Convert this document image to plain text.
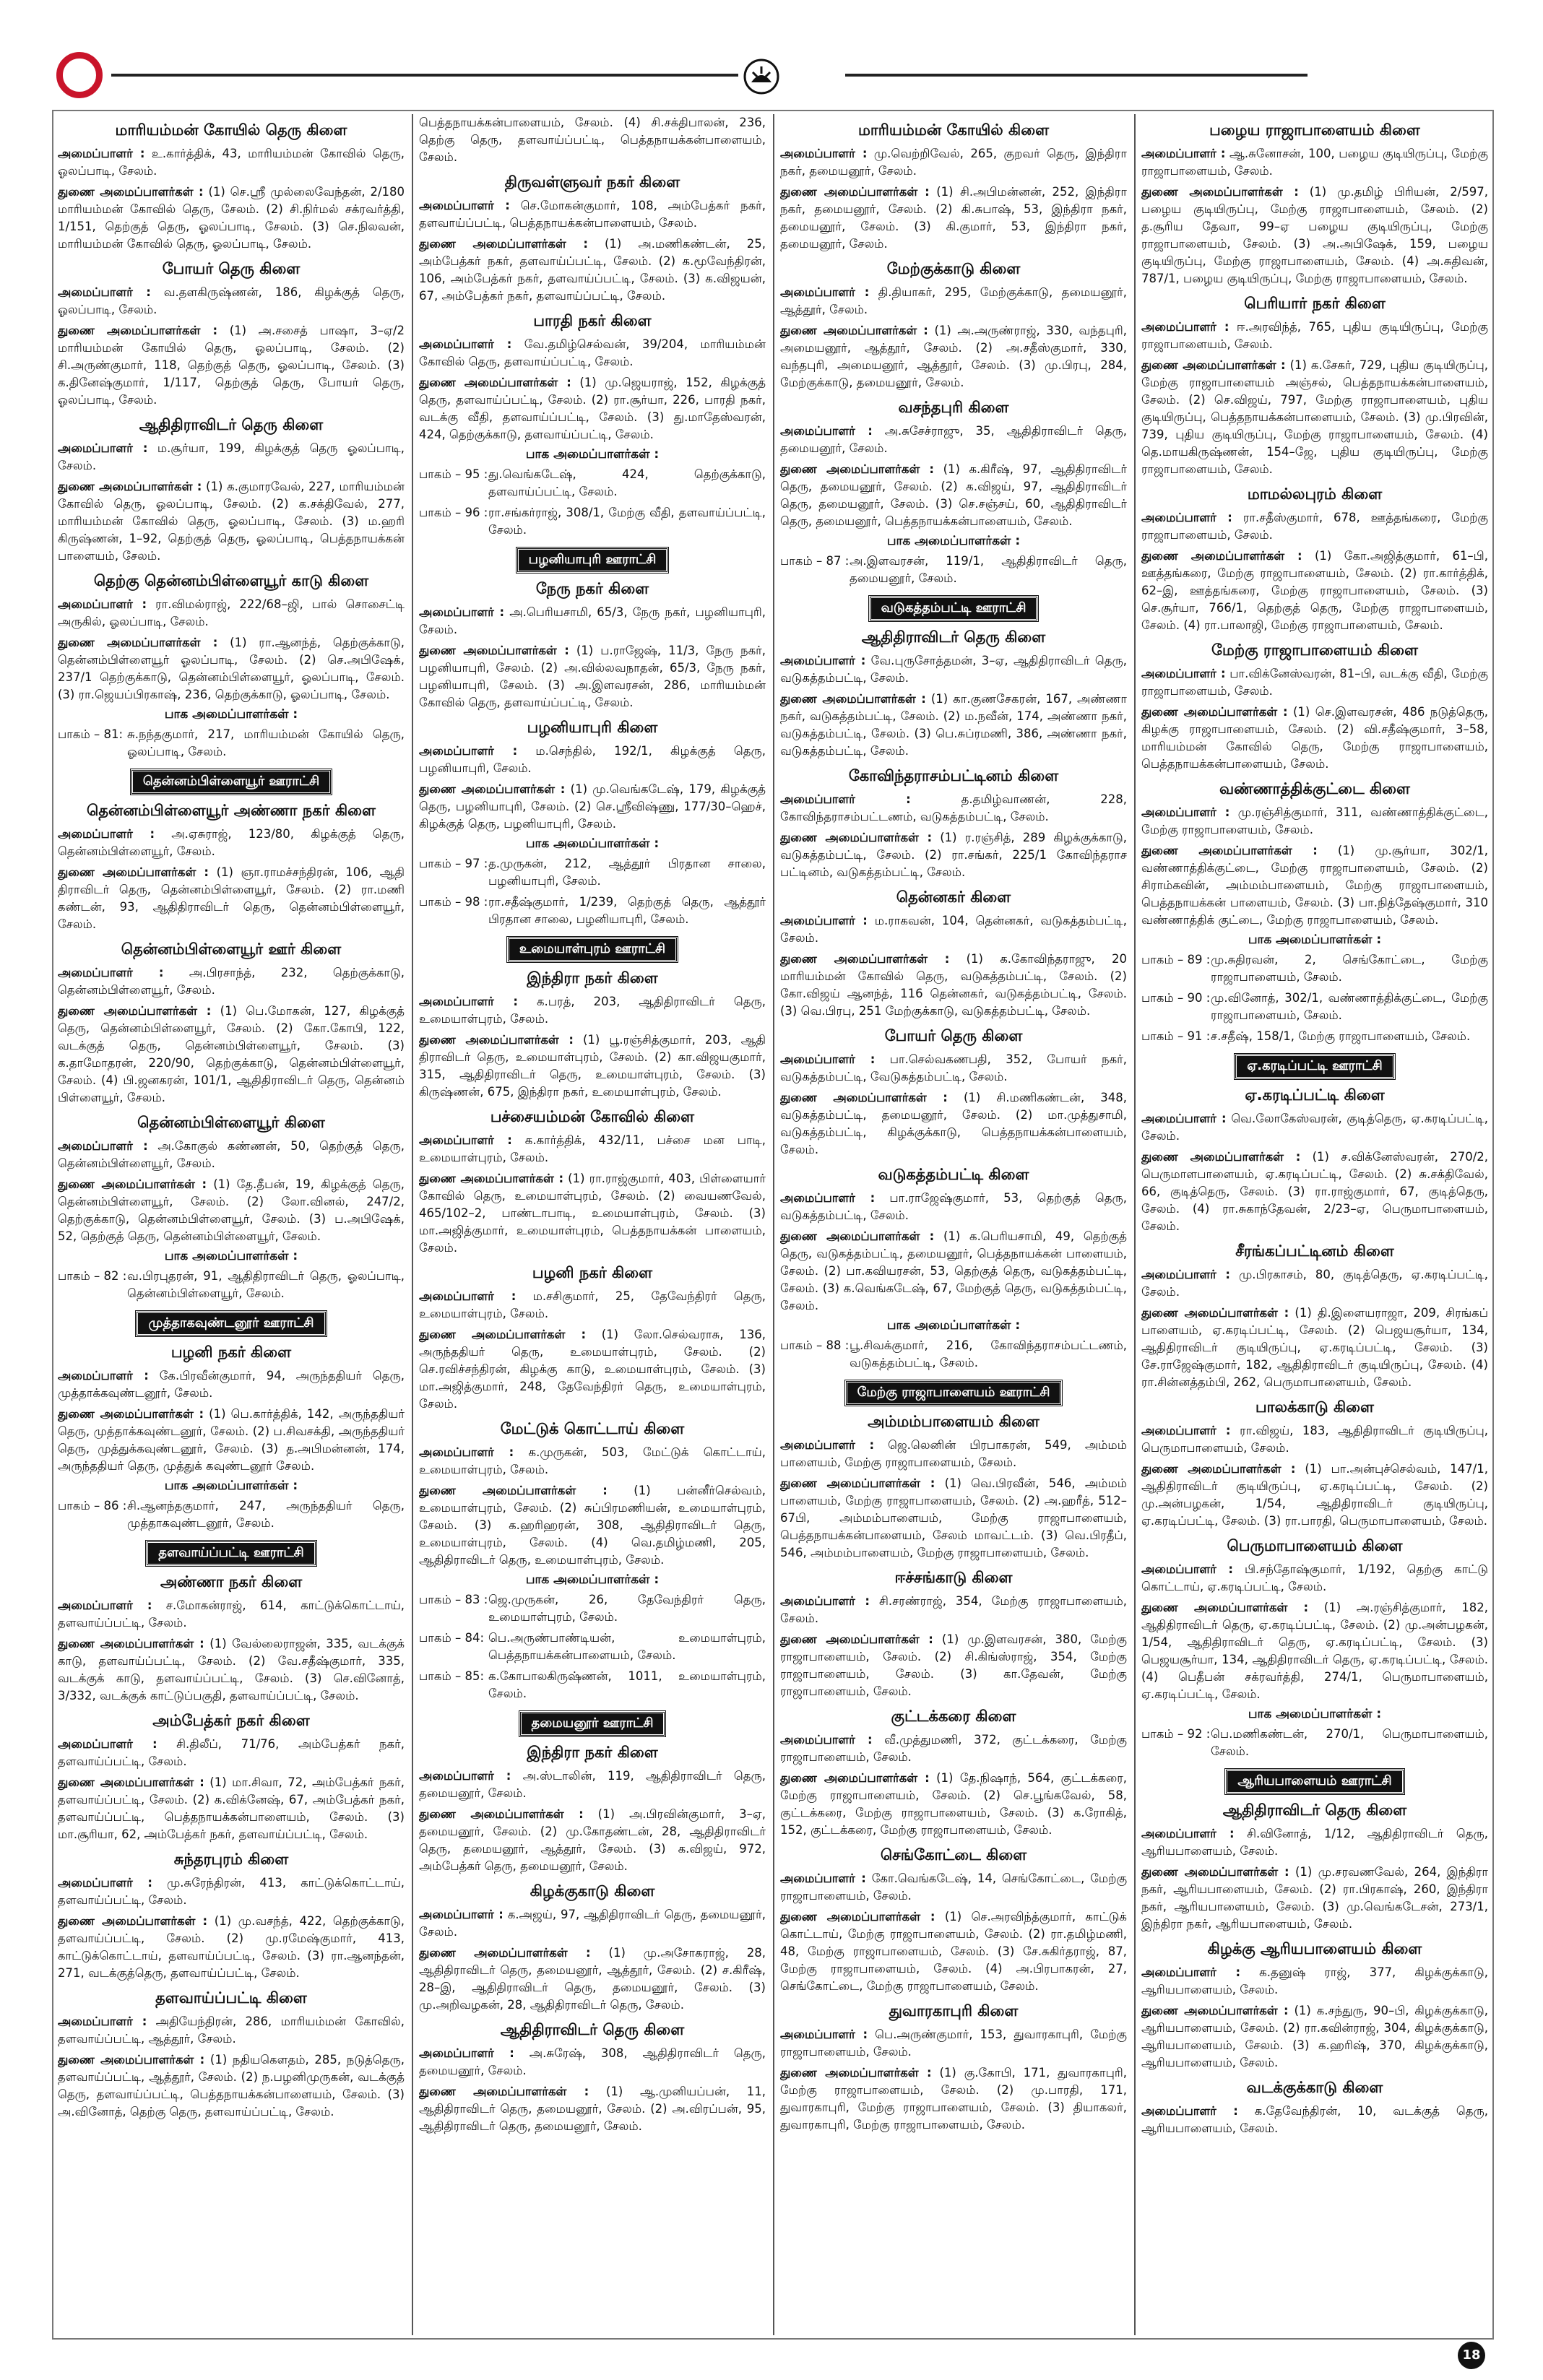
மாரியம்மன் கோயில் தெரு கிளை
அமைப்பாளர் : உ.கார்த்திக், 43, மாரியம்மன் கோவில் தெரு, ஓலப்பாடி, சேலம்.
துணை அமைப்பாளர்கள் : (1) செ.ஸ்ரீ முல்லைவேந்தன், 2/180 மாரியம்மன் கோவில் தெரு, சேலம். (2) சி.நிர்மல் சக்ரவர்த்தி, 1/151, தெற்குத் தெரு, ஓலப்பாடி, சேலம். (3) செ.நிலவன், மாரியம்மன் கோவில் தெரு, ஓலப்பாடி, சேலம்.
போயர் தெரு கிளை
அமைப்பாளர் : வ.தளகிருஷ்ணன், 186, கிழக்குத் தெரு, ஓலப்பாடி, சேலம்.
துணை அமைப்பாளர்கள் : (1) அ.சசைத் பாஷா, 3–ஏ/2 மாரியம்மன் கோயில் தெரு, ஓலப்பாடி, சேலம். (2) சி.அருண்குமார், 118, தெற்குத் தெரு, ஓலப்பாடி, சேலம். (3) க.தினேஷ்குமார், 1/117, தெற்குத் தெரு, போயர் தெரு, ஓலப்பாடி, சேலம்.
ஆதிதிராவிடர் தெரு கிளை
அமைப்பாளர் : ம.சூர்யா, 199, கிழக்குத் தெரு ஓலப்பாடி, சேலம்.
துணை அமைப்பாளர்கள் : (1) க.குமாரவேல், 227, மாரியம்மன் கோவில் தெரு, ஓலப்பாடி, சேலம். (2) க.சக்திவேல், 277, மாரியம்மன் கோவில் தெரு, ஓலப்பாடி, சேலம். (3) ம.ஹரி கிருஷ்ணன், 1–92, தெற்குத் தெரு, ஓலப்பாடி, பெத்தநாயக்கன் பாளையம், சேலம்.
தெற்கு தென்னம்பிள்ளையூர் காடு கிளை
அமைப்பாளர் : ரா.விமல்ராஜ், 222/68–ஜி, பால் சொசைட்டி அருகில், ஓலப்பாடி, சேலம்.
துணை அமைப்பாளர்கள் : (1) ரா.ஆனந்த், தெற்குக்காடு, தென்னம்பிள்ளையூர் ஓலப்பாடி, சேலம். (2) செ.அபிஷேக், 237/1 தெற்குக்காடு, தென்னம்பிள்ளையூர், ஓலப்பாடி, சேலம். (3) ரா.ஜெயப்பிரகாஷ், 236, தெற்குக்காடு, ஓலப்பாடி, சேலம்.
பாக அமைப்பாளர்கள் :
பாகம் – 81: சு.நந்தகுமார், 217, மாரியம்மன் கோயில் தெரு, ஓலப்பாடி, சேலம்.
தென்னம்பிள்ளையூர் ஊராட்சி
தென்னம்பிள்ளையூர் அண்ணா நகர் கிளை
அமைப்பாளர் : அ.ஏசுராஜ், 123/80, கிழக்குத் தெரு, தென்னம்பிள்ளையூர், சேலம்.
துணை அமைப்பாளர்கள் : (1) ஞா.ராமச்சந்திரன், 106, ஆதி திராவிடர் தெரு, தென்னம்பிள்ளையூர், சேலம். (2) ரா.மணி கண்டன், 93, ஆதிதிராவிடர் தெரு, தென்னம்பிள்ளையூர், சேலம்.
தென்னம்பிள்ளையூர் ஊர் கிளை
அமைப்பாளர் : அ.பிரசாந்த், 232, தெற்குக்காடு, தென்னம்பிள்ளையூர், சேலம்.
துணை அமைப்பாளர்கள் : (1) பெ.மோகன், 127, கிழக்குத் தெரு, தென்னம்பிள்ளையூர், சேலம். (2) கோ.கோபி, 122, வடக்குத் தெரு, தென்னம்பிள்ளையூர், சேலம். (3) க.தாமோதரன், 220/90, தெற்குக்காடு, தென்னம்பிள்ளையூர், சேலம். (4) பி.ஜனகரன், 101/1, ஆதிதிராவிடர் தெரு, தென்னம் பிள்ளையூர், சேலம்.
தென்னம்பிள்ளையூர் கிளை
அமைப்பாளர் : அ.கோகுல் கண்ணன், 50, தெற்குத் தெரு, தென்னம்பிள்ளையூர், சேலம்.
துணை அமைப்பாளர்கள் : (1) தே.தீபன், 19, கிழக்குத் தெரு, தென்னம்பிள்ளையூர், சேலம். (2) லோ.வினல், 247/2, தெற்குக்காடு, தென்னம்பிள்ளையூர், சேலம். (3) ப.அபிஷேக், 52, தெற்குத் தெரு, தென்னம்பிள்ளையூர், சேலம்.
பாக அமைப்பாளர்கள் :
பாகம் – 82 : வ.பிரபுதரன், 91, ஆதிதிராவிடர் தெரு, ஓலப்பாடி, தென்னம்பிள்ளையூர், சேலம்.
முத்தாகவுண்டனூர் ஊராட்சி
பழனி நகர் கிளை
அமைப்பாளர் : கே.பிரவீன்குமார், 94, அருந்ததியர் தெரு, முத்தாக்கவுண்டனூர், சேலம்.
துணை அமைப்பாளர்கள் : (1) பெ.கார்த்திக், 142, அருந்ததியர் தெரு, முத்தாக்கவுண்டனூர், சேலம். (2) ப.சிவசக்தி, அருந்ததியர் தெரு, முத்துக்கவுண்டனூர், சேலம். (3) த.அபிமன்னன், 174, அருந்ததியர் தெரு, முத்துக் கவுண்டனூர் சேலம்.
பாக அமைப்பாளர்கள் :
பாகம் – 86 : சி.ஆனந்தகுமார், 247, அருந்ததியர் தெரு, முத்தாகவுண்டனூர், சேலம்.
தளவாய்ப்பட்டி ஊராட்சி
அண்ணா நகர் கிளை
அமைப்பாளர் : ச.மோகன்ராஜ், 614, காட்டுக்கொட்டாய், தளவாய்ப்பட்டி, சேலம்.
துணை அமைப்பாளர்கள் : (1) வேல்லைராஜன், 335, வடக்குக் காடு, தளவாய்ப்பட்டி, சேலம். (2) வே.சதீஷ்குமார், 335, வடக்குக் காடு, தளவாய்ப்பட்டி, சேலம். (3) செ.வினோத், 3/332, வடக்குக் காட்டுப்பகுதி, தளவாய்ப்பட்டி, சேலம்.
அம்பேத்கர் நகர் கிளை
அமைப்பாளர் : சி.திலீப், 71/76, அம்பேத்கர் நகர், தளவாய்ப்பட்டி, சேலம்.
துணை அமைப்பாளர்கள் : (1) மா.சிவா, 72, அம்பேத்கர் நகர், தளவாய்ப்பட்டி, சேலம். (2) க.விக்னேஷ், 67, அம்பேத்கர் நகர், தளவாய்ப்பட்டி, பெத்தநாயக்கன்பாளையம், சேலம். (3) மா.சூரியா, 62, அம்பேத்கர் நகர், தளவாய்ப்பட்டி, சேலம்.
சுந்தரபுரம் கிளை
அமைப்பாளர் : மு.சுரேந்திரன், 413, காட்டுக்கொட்டாய், தளவாய்ப்பட்டி, சேலம்.
துணை அமைப்பாளர்கள் : (1) மு.வசந்த், 422, தெற்குக்காடு, தளவாய்ப்பட்டி, சேலம். (2) மு.ரமேஷ்குமார், 413, காட்டுக்கொட்டாய், தளவாய்ப்பட்டி, சேலம். (3) ரா.ஆனந்தன், 271, வடக்குத்தெரு, தளவாய்ப்பட்டி, சேலம்.
தளவாய்ப்பட்டி கிளை
அமைப்பாளர் : அதியேந்திரன், 286, மாரியம்மன் கோவில், தளவாய்ப்பட்டி, ஆத்தூர், சேலம்.
துணை அமைப்பாளர்கள் : (1) நதியகௌதம், 285, நடுத்தெரு, தளவாய்ப்பட்டி, ஆத்தூர், சேலம். (2) ந.பழனிமுருகன், வடக்குத் தெரு, தளவாய்ப்பட்டி, பெத்தநாயக்கன்பாளையம், சேலம். (3) அ.வினோத், தெற்கு தெரு, தளவாய்ப்பட்டி, சேலம்.
பெத்தநாயக்கன்பாளையம், சேலம். (4) சி.சக்திபாலன், 236, தெற்கு தெரு, தளவாய்ப்பட்டி, பெத்தநாயக்கன்பாளையம், சேலம்.
திருவள்ளுவர் நகர் கிளை
அமைப்பாளர் : செ.மோகன்குமார், 108, அம்பேத்கர் நகர், தளவாய்ப்பட்டி, பெத்தநாயக்கன்பாளையம், சேலம்.
துணை அமைப்பாளர்கள் : (1) அ.மணிகண்டன், 25, அம்பேத்கர் நகர், தளவாய்ப்பட்டி, சேலம். (2) க.மூவேந்திரன், 106, அம்பேத்கர் நகர், தளவாய்ப்பட்டி, சேலம். (3) க.விஜயன், 67, அம்பேத்கர் நகர், தளவாய்ப்பட்டி, சேலம்.
பாரதி நகர் கிளை
அமைப்பாளர் : வே.தமிழ்செல்வன், 39/204, மாரியம்மன் கோவில் தெரு, தளவாய்ப்பட்டி, சேலம்.
துணை அமைப்பாளர்கள் : (1) மு.ஜெயராஜ், 152, கிழக்குத் தெரு, தளவாய்ப்பட்டி, சேலம். (2) ரா.சூர்யா, 226, பாரதி நகர், வடக்கு வீதி, தளவாய்ப்பட்டி, சேலம். (3) து.மாதேஸ்வரன், 424, தெற்குக்காடு, தளவாய்ப்பட்டி, சேலம்.
பாக அமைப்பாளர்கள் :
பாகம் – 95 : து.வெங்கடேஷ், 424, தெற்குக்காடு, தளவாய்ப்பட்டி, சேலம்.
பாகம் – 96 : ரா.சங்கர்ராஜ், 308/1, மேற்கு வீதி, தளவாய்ப்பட்டி, சேலம்.
பழனியாபுரி ஊராட்சி
நேரு நகர் கிளை
அமைப்பாளர் : அ.பெரியசாமி, 65/3, நேரு நகர், பழனியாபுரி, சேலம்.
துணை அமைப்பாளர்கள் : (1) ப.ராஜேஷ், 11/3, நேரு நகர், பழனியாபுரி, சேலம். (2) அ.வில்லவநாதன், 65/3, நேரு நகர், பழனியாபுரி, சேலம். (3) அ.இளவரசன், 286, மாரியம்மன் கோவில் தெரு, தளவாய்ப்பட்டி, சேலம்.
பழனியாபுரி கிளை
அமைப்பாளர் : ம.செந்தில், 192/1, கிழக்குத் தெரு, பழனியாபுரி, சேலம்.
துணை அமைப்பாளர்கள் : (1) மு.வெங்கடேஷ், 179, கிழக்குத் தெரு, பழனியாபுரி, சேலம். (2) செ.ஸ்ரீவிஷ்ணு, 177/30–ஹெச், கிழக்குத் தெரு, பழனியாபுரி, சேலம்.
பாக அமைப்பாளர்கள் :
பாகம் – 97 : த.முருகன், 212, ஆத்தூர் பிரதான சாலை, பழனியாபுரி, சேலம்.
பாகம் – 98 : ரா.சதீஷ்குமார், 1/239, தெற்குத் தெரு, ஆத்தூர் பிரதான சாலை, பழனியாபுரி, சேலம்.
உமையாள்புரம் ஊராட்சி
இந்திரா நகர் கிளை
அமைப்பாளர் : க.பரத், 203, ஆதிதிராவிடர் தெரு, உமையாள்புரம், சேலம்.
துணை அமைப்பாளர்கள் : (1) பூ.ரஞ்சித்குமார், 203, ஆதி திராவிடர் தெரு, உமையாள்புரம், சேலம். (2) கா.விஜயகுமார், 315, ஆதிதிராவிடர் தெரு, உமையாள்புரம், சேலம். (3) கிருஷ்ணன், 675, இந்திரா நகர், உமையாள்புரம், சேலம்.
பச்சையம்மன் கோவில் கிளை
அமைப்பாளர் : க.கார்த்திக், 432/11, பச்சை மன பாடி, உமையாள்புரம், சேலம்.
துணை அமைப்பாளர்கள் : (1) ரா.ராஜ்குமார், 403, பிள்ளையார் கோவில் தெரு, உமையாள்புரம், சேலம். (2) வையணவேல், 465/102–2, பாண்டாபாடி, உமையாள்புரம், சேலம். (3) மா.அஜித்குமார், உமையாள்புரம், பெத்தநாயக்கன் பாளையம், சேலம்.
பழனி நகர் கிளை
அமைப்பாளர் : ம.சசிகுமார், 25, தேவேந்திரர் தெரு, உமையாள்புரம், சேலம்.
துணை அமைப்பாளர்கள் : (1) லோ.செல்வராசு, 136, அருந்ததியர் தெரு, உமையாள்புரம், சேலம். (2) செ.ரவிச்சந்திரன், கிழக்கு காடு, உமையாள்புரம், சேலம். (3) மா.அஜித்குமார், 248, தேவேந்திரர் தெரு, உமையாள்புரம், சேலம்.
மேட்டுக் கொட்டாய் கிளை
அமைப்பாளர் : க.முருகன், 503, மேட்டுக் கொட்டாய், உமையாள்புரம், சேலம்.
துணை அமைப்பாளர்கள் : (1) பன்னீர்செல்வம், உமையாள்புரம், சேலம். (2) சுப்பிரமணியன், உமையாள்புரம், சேலம். (3) க.ஹரிஹரன், 308, ஆதிதிராவிடர் தெரு, உமையாள்புரம், சேலம். (4) வெ.தமிழ்மணி, 205, ஆதிதிராவிடர் தெரு, உமையாள்புரம், சேலம்.
பாக அமைப்பாளர்கள் :
பாகம் – 83 : ஜெ.முருகன், 26, தேவேந்திரர் தெரு, உமையாள்புரம், சேலம்.
பாகம் – 84: பெ.அருண்பாண்டியன், உமையாள்புரம், பெத்தநாயக்கன்பாளையம், சேலம்.
பாகம் – 85: க.கோபாலகிருஷ்ணன், 1011, உமையாள்புரம், சேலம்.
தமையனூர் ஊராட்சி
இந்திரா நகர் கிளை
அமைப்பாளர் : அ.ஸ்டாலின், 119, ஆதிதிராவிடர் தெரு, தமையனூர், சேலம்.
துணை அமைப்பாளர்கள் : (1) அ.பிரவின்குமார், 3–ஏ, தமையனூர், சேலம். (2) மு.கோதண்டன், 28, ஆதிதிராவிடர் தெரு, தமையனூர், ஆத்தூர், சேலம். (3) க.விஜய், 972, அம்பேத்கர் தெரு, தமையனூர், சேலம்.
கிழக்குகாடு கிளை
அமைப்பாளர் : க.அஜய், 97, ஆதிதிராவிடர் தெரு, தமையனூர், சேலம்.
துணை அமைப்பாளர்கள் : (1) மு.அசோகராஜ், 28, ஆதிதிராவிடர் தெரு, தமையனூர், ஆத்தூர், சேலம். (2) ச.கிரீஷ், 28–இ, ஆதிதிராவிடர் தெரு, தமையனூர், சேலம். (3) மு.அறிவழகன், 28, ஆதிதிராவிடர் தெரு, சேலம்.
ஆதிதிராவிடர் தெரு கிளை
அமைப்பாளர் : அ.சுரேஷ், 308, ஆதிதிராவிடர் தெரு, தமையனூர், சேலம்.
துணை அமைப்பாளர்கள் : (1) ஆ.முனியப்பன், 11, ஆதிதிராவிடர் தெரு, தமையனூர், சேலம். (2) அ.விரப்பன், 95, ஆதிதிராவிடர் தெரு, தமையனூர், சேலம்.
மாரியம்மன் கோயில் கிளை
அமைப்பாளர் : மு.வெற்றிவேல், 265, குறவர் தெரு, இந்திரா நகர், தமையனூர், சேலம்.
துணை அமைப்பாளர்கள் : (1) சி.அபிமன்னன், 252, இந்திரா நகர், தமையனூர், சேலம். (2) கி.சுபாஷ், 53, இந்திரா நகர், தமையனூர், சேலம். (3) கி.குமார், 53, இந்திரா நகர், தமையனூர், சேலம்.
மேற்குக்காடு கிளை
அமைப்பாளர் : தி.தியாகர், 295, மேற்குக்காடு, தமையனூர், ஆத்தூர், சேலம்.
துணை அமைப்பாளர்கள் : (1) அ.அருண்ராஜ், 330, வந்தபுரி, அமையனூர், ஆத்தூர், சேலம். (2) அ.சதீஸ்குமார், 330, வந்தபுரி, அமையனூர், ஆத்தூர், சேலம். (3) மு.பிரபு, 284, மேற்குக்காடு, தமையனூர், சேலம்.
வசந்தபுரி கிளை
அமைப்பாளர் : அ.சுசேச்ராஜு, 35, ஆதிதிராவிடர் தெரு, தமையனூர், சேலம்.
துணை அமைப்பாளர்கள் : (1) க.கிரீஷ், 97, ஆதிதிராவிடர் தெரு, தமையனூர், சேலம். (2) க.விஜய், 97, ஆதிதிராவிடர் தெரு, தமையனூர், சேலம். (3) செ.சஞ்சய், 60, ஆதிதிராவிடர் தெரு, தமையனூர், பெத்தநாயக்கன்பாளையம், சேலம்.
பாக அமைப்பாளர்கள் :
பாகம் – 87 : அ.இளவரசன், 119/1, ஆதிதிராவிடர் தெரு, தமையனூர், சேலம்.
வடுகத்தம்பட்டி ஊராட்சி
ஆதிதிராவிடர் தெரு கிளை
அமைப்பாளர் : வே.புருசோத்தமன், 3–ஏ, ஆதிதிராவிடர் தெரு, வடுகத்தம்பட்டி, சேலம்.
துணை அமைப்பாளர்கள் : (1) கா.குணசேகரன், 167, அண்ணா நகர், வடுகத்தம்பட்டி, சேலம். (2) ம.நவீன், 174, அண்ணா நகர், வடுகத்தம்பட்டி, சேலம். (3) பெ.சுப்ரமணி, 386, அண்ணா நகர், வடுகத்தம்பட்டி, சேலம்.
கோவிந்தராசம்பட்டினம் கிளை
அமைப்பாளர் :	த.தமிழ்வாணன், 228, கோவிந்தராசம்பட்டணம், வடுகத்தம்பட்டி, சேலம்.
துணை அமைப்பாளர்கள் : (1) ர.ரஞ்சித், 289 கிழக்குக்காடு, வடுகத்தம்பட்டி, சேலம். (2) ரா.சங்கர், 225/1 கோவிந்தராச பட்டினம், வடுகத்தம்பட்டி, சேலம்.
தென்னகர் கிளை
அமைப்பாளர் : ம.ராகவன், 104, தென்னகர், வடுகத்தம்பட்டி, சேலம்.
துணை அமைப்பாளர்கள் : (1) க.கோவிந்தராஜு, 20 மாரியம்மன் கோவில் தெரு, வடுகத்தம்பட்டி, சேலம். (2) கோ.விஜய் ஆனந்த், 116 தென்னகர், வடுகத்தம்பட்டி, சேலம். (3) வெ.பிரபு, 251 மேற்குக்காடு, வடுகத்தம்பட்டி, சேலம்.
போயர் தெரு கிளை
அமைப்பாளர் : பா.செல்வகணபதி, 352, போயர் நகர், வடுகத்தம்பட்டி, வேடுகத்தம்பட்டி, சேலம்.
துணை அமைப்பாளர்கள் : (1) சி.மணிகண்டன், 348, வடுகத்தம்பட்டி, தமையனூர், சேலம். (2) மா.முத்துசாமி, வடுகத்தம்பட்டி, கிழக்குக்காடு, பெத்தநாயக்கன்பாளையம், சேலம்.
வடுகத்தம்பட்டி கிளை
அமைப்பாளர் : பா.ராஜேஷ்குமார், 53, தெற்குத் தெரு, வடுகத்தம்பட்டி, சேலம்.
துணை அமைப்பாளர்கள் : (1) க.பெரியசாமி, 49, தெற்குத் தெரு, வடுகத்தம்பட்டி, தமையனூர், பெத்தநாயக்கன் பாளையம், சேலம். (2) பா.கவியரசன், 53, தெற்குத் தெரு, வடுகத்தம்பட்டி, சேலம். (3) க.வெங்கடேஷ், 67, மேற்குத் தெரு, வடுகத்தம்பட்டி, சேலம்.
பாக அமைப்பாளர்கள் :
பாகம் – 88 : பூ.சிவக்குமார், 216, கோவிந்தராசம்பட்டணம், வடுகத்தம்பட்டி, சேலம்.
மேற்கு ராஜாபாளையம் ஊராட்சி
அம்மம்பாளையம் கிளை
அமைப்பாளர் : ஜெ.லெனின் பிரபாகரன், 549, அம்மம் பாளையம், மேற்கு ராஜாபாளையம், சேலம்.
துணை அமைப்பாளர்கள் : (1) வெ.பிரவீன், 546, அம்மம் பாளையம், மேற்கு ராஜாபாளையம், சேலம். (2) அ.ஹரீத், 512–67பி, அம்மம்பாளையம், மேற்கு ராஜாபாளையம், பெத்தநாயக்கன்பாளையம், சேலம் மாவட்டம். (3) வெ.பிரதீப், 546, அம்மம்பாளையம், மேற்கு ராஜாபாளையம், சேலம்.
ஈச்சங்காடு கிளை
அமைப்பாளர் : சி.சரண்ராஜ், 354, மேற்கு ராஜாபாளையம், சேலம்.
துணை அமைப்பாளர்கள் : (1) மு.இளவரசன், 380, மேற்கு ராஜாபாளையம், சேலம். (2) சி.கிங்ஸ்ராஜ், 354, மேற்கு ராஜாபாளையம், சேலம். (3) கா.தேவன், மேற்கு ராஜாபாளையம், சேலம்.
குட்டக்கரை கிளை
அமைப்பாளர் : வீ.முத்துமணி, 372, குட்டக்கரை, மேற்கு ராஜாபாளையம், சேலம்.
துணை அமைப்பாளர்கள் : (1) தே.நிஷாந், 564, குட்டக்கரை, மேற்கு ராஜாபாளையம், சேலம். (2) செ.பூங்கவேல், 58, குட்டக்கரை, மேற்கு ராஜாபாளையம், சேலம். (3) க.ரோகித், 152, குட்டக்கரை, மேற்கு ராஜாபாளையம், சேலம்.
செங்கோட்டை கிளை
அமைப்பாளர் : கோ.வெங்கடேஷ், 14, செங்கோட்டை, மேற்கு ராஜாபாளையம், சேலம்.
துணை அமைப்பாளர்கள் : (1) செ.அரவிந்த்குமார், காட்டுக் கொட்டாய், மேற்கு ராஜாபாளையம், சேலம். (2) ரா.தமிழ்மணி, 48, மேற்கு ராஜாபாளையம், சேலம். (3) சே.சுகிர்தராஜ், 87, மேற்கு ராஜாபாளையம், சேலம். (4) அ.பிரபாகரன், 27, செங்கோட்டை, மேற்கு ராஜாபாளையம், சேலம்.
துவாரகாபுரி கிளை
அமைப்பாளர் : பெ.அருண்குமார், 153, துவாரகாபுரி, மேற்கு ராஜாபாளையம், சேலம்.
துணை அமைப்பாளர்கள் : (1) கு.கோபி, 171, துவாரகாபுரி, மேற்கு ராஜாபாளையம், சேலம். (2) மு.பாரதி, 171, துவாரகாபுரி, மேற்கு ராஜாபாளையம், சேலம். (3) தியாகலர், துவாரகாபுரி, மேற்கு ராஜாபாளையம், சேலம்.
பழைய ராஜாபாளையம் கிளை
அமைப்பாளர் : ஆ.சுனோசன், 100, பழைய குடியிருப்பு, மேற்கு ராஜாபாளையம், சேலம்.
துணை அமைப்பாளர்கள் : (1) மு.தமிழ் பிரியன், 2/597, பழைய குடியிருப்பு, மேற்கு ராஜாபாளையம், சேலம். (2) த.சூரிய தேவா, 99–ஏ பழைய குடியிருப்பு, மேற்கு ராஜாபாளையம், சேலம். (3) அ.அபிஷேக், 159, பழைய குடியிருப்பு, மேற்கு ராஜாபாளையம், சேலம். (4) அ.சுதிவன், 787/1, பழைய குடியிருப்பு, மேற்கு ராஜாபாளையம், சேலம்.
பெரியார் நகர் கிளை
அமைப்பாளர் : ஈ.அரவிந்த், 765, புதிய குடியிருப்பு, மேற்கு ராஜாபாளையம், சேலம்.
துணை அமைப்பாளர்கள் : (1) க.சேகர், 729, புதிய குடியிருப்பு, மேற்கு ராஜாபாளையம் அஞ்சல், பெத்தநாயக்கன்பாளையம், சேலம். (2) செ.விஜய், 797, மேற்கு ராஜாபாளையம், புதிய குடியிருப்பு, பெத்தநாயக்கன்பாளையம், சேலம். (3) மு.பிரவின், 739, புதிய குடியிருப்பு, மேற்கு ராஜாபாளையம், சேலம். (4) தெ.மாயகிருஷ்ணன், 154–ஜே, புதிய குடியிருப்பு, மேற்கு ராஜாபாளையம், சேலம்.
மாமல்லபுரம் கிளை
அமைப்பாளர் : ரா.சதீஸ்குமார், 678, ஊத்தங்கரை, மேற்கு ராஜாபாளையம், சேலம்.
துணை அமைப்பாளர்கள் : (1) கோ.அஜித்குமார், 61–பி, ஊத்தங்கரை, மேற்கு ராஜாபாளையம், சேலம். (2) ரா.கார்த்திக், 62–இ, ஊத்தங்கரை, மேற்கு ராஜாபாளையம், சேலம். (3) செ.சூர்யா, 766/1, தெற்குத் தெரு, மேற்கு ராஜாபாளையம், சேலம். (4) ரா.பாலாஜி, மேற்கு ராஜாபாளையம், சேலம்.
மேற்கு ராஜாபாளையம் கிளை
அமைப்பாளர் : பா.விக்னேஸ்வரன், 81–பி, வடக்கு வீதி, மேற்கு ராஜாபாளையம், சேலம்.
துணை அமைப்பாளர்கள் : (1) செ.இளவரசன், 486 நடுத்தெரு, கிழக்கு ராஜாபாளையம், சேலம். (2) வி.சதீஷ்குமார், 3–58, மாரியம்மன் கோவில் தெரு, மேற்கு ராஜாபாளையம், பெத்தநாயக்கன்பாளையம், சேலம்.
வண்ணாத்திக்குட்டை கிளை
அமைப்பாளர் : மு.ரஞ்சித்குமார், 311, வண்ணாத்திக்குட்டை, மேற்கு ராஜாபாளையம், சேலம்.
துணை அமைப்பாளர்கள் : (1) மு.சூர்யா, 302/1, வண்ணாத்திக்குட்டை, மேற்கு ராஜாபாளையம், சேலம். (2) சிராம்கவின், அம்மம்பாளையம், மேற்கு ராஜாபாளையம், பெத்தநாயக்கன் பாளையம், சேலம். (3) பா.நித்தேஷ்குமார், 310 வண்ணாத்திக் குட்டை, மேற்கு ராஜாபாளையம், சேலம்.
பாக அமைப்பாளர்கள் :
பாகம் – 89 : மு.சுதிரவன், 2, செங்கோட்டை, மேற்கு ராஜாபாளையம், சேலம்.
பாகம் – 90 : மு.வினோத், 302/1, வண்ணாத்திக்குட்டை, மேற்கு ராஜாபாளையம், சேலம்.
பாகம் – 91 : ச.சதீஷ், 158/1, மேற்கு ராஜாபாளையம், சேலம்.
ஏ.கரடிப்பட்டி ஊராட்சி
ஏ.கரடிப்பட்டி கிளை
அமைப்பாளர் : வெ.லோகேஸ்வரன், குடித்தெரு, ஏ.கரடிப்பட்டி, சேலம்.
துணை அமைப்பாளர்கள் : (1) ச.விக்னேஸ்வரன், 270/2, பெருமாளபாளையம், ஏ.கரடிப்பட்டி, சேலம். (2) சு.சக்திவேல், 66, குடித்தெரு, சேலம். (3) ரா.ராஜ்குமார், 67, குடித்தெரு, சேலம். (4) ரா.சுகாந்தேவன், 2/23–ஏ, பெருமாபாளையம், சேலம்.
சீரங்கப்பட்டினம் கிளை
அமைப்பாளர் : மு.பிரகாசம், 80, குடித்தெரு, ஏ.கரடிப்பட்டி, சேலம்.
துணை அமைப்பாளர்கள் : (1) தி.இளையராஜா, 209, சிரங்கப் பாளையம், ஏ.கரடிப்பட்டி, சேலம். (2) பெஜயசூர்யா, 134, ஆதிதிராவிடர் குடியிருப்பு, ஏ.கரடிப்பட்டி, சேலம். (3) சே.ராஜேஷ்குமார், 182, ஆதிதிராவிடர் குடியிருப்பு, சேலம். (4) ரா.சின்னத்தம்பி, 262, பெருமாபாளையம், சேலம்.
பாலக்காடு கிளை
அமைப்பாளர் : ரா.விஜய், 183, ஆதிதிராவிடர் குடியிருப்பு, பெருமாபாளையம், சேலம்.
துணை அமைப்பாளர்கள் : (1) பா.அன்புச்செல்வம், 147/1, ஆதிதிராவிடர் குடியிருப்பு, ஏ.கரடிப்பட்டி, சேலம். (2) மு.அன்பழகன், 1/54, ஆதிதிராவிடர் குடியிருப்பு, ஏ.கரடிப்பட்டி, சேலம். (3) ரா.பாரதி, பெருமாபாளையம், சேலம்.
பெருமாபாளையம் கிளை
அமைப்பாளர் : பி.சந்தோஷ்குமார், 1/192, தெற்கு காட்டு கொட்டாய், ஏ.கரடிப்பட்டி, சேலம்.
துணை அமைப்பாளர்கள் : (1) அ.ரஞ்சித்குமார், 182, ஆதிதிராவிடர் தெரு, ஏ.கரடிப்பட்டி, சேலம். (2) மு.அன்பழகன், 1/54, ஆதிதிராவிடர் தெரு, ஏ.கரடிப்பட்டி, சேலம். (3) பெஜயசூர்யா, 134, ஆதிதிராவிடர் தெரு, ஏ.கரடிப்பட்டி, சேலம். (4) பெதீபன் சக்ரவர்த்தி, 274/1, பெருமாபாளையம், ஏ.கரடிப்பட்டி, சேலம்.
பாக அமைப்பாளர்கள் :
பாகம் – 92 : பெ.மணிகண்டன், 270/1, பெருமாபாளையம், சேலம்.
ஆரியபாளையம் ஊராட்சி
ஆதிதிராவிடர் தெரு கிளை
அமைப்பாளர் : சி.வினோத், 1/12, ஆதிதிராவிடர் தெரு, ஆரியபாளையம், சேலம்.
துணை அமைப்பாளர்கள் : (1) மு.சரவணவேல், 264, இந்திரா நகர், ஆரியபாளையம், சேலம். (2) ரா.பிரகாஷ், 260, இந்திரா நகர், ஆரியபாளையம், சேலம். (3) மு.வெங்கடேசன், 273/1, இந்திரா நகர், ஆரியபாளையம், சேலம்.
கிழக்கு ஆரியபாளையம் கிளை
அமைப்பாளர் : க.தனுஷ் ராஜ், 377, கிழக்குக்காடு, ஆரியபாளையம், சேலம்.
துணை அமைப்பாளர்கள் : (1) க.சந்துரு, 90–பி, கிழக்குக்காடு, ஆரியபாளையம், சேலம். (2) ரா.கவின்ராஜ், 304, கிழக்குக்காடு, ஆரியபாளையம், சேலம். (3) க.ஹரிஷ், 370, கிழக்குக்காடு, ஆரியபாளையம், சேலம்.
வடக்குக்காடு கிளை
அமைப்பாளர் : க.தேவேந்திரன், 10, வடக்குத் தெரு, ஆரியபாளையம், சேலம்.
18
